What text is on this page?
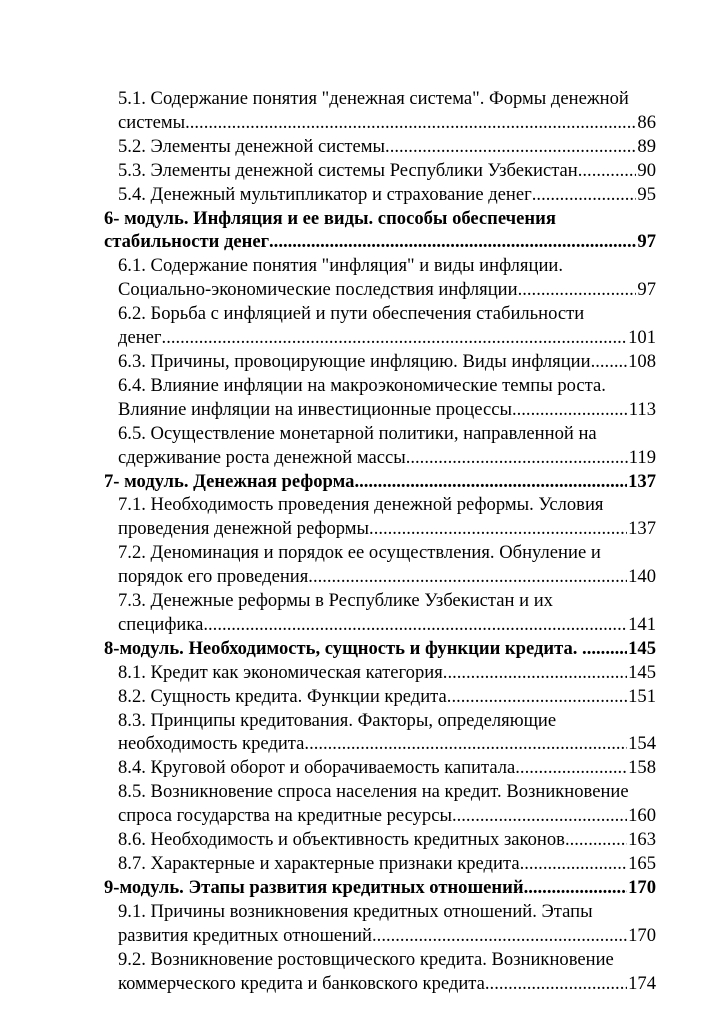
5.1. Содержание понятия "денежная система". Формы денежной
системы. .....	86
5.2. Элементы денежной системы. .....	89
5.3. Элементы денежной системы Республики Узбекистан. .....	90
5.4. Денежный мультипликатор и страхование денег .....	95
6- модуль. Инфляция и ее виды. способы обеспечения
стабильности денег .....	97
6.1. Содержание понятия "инфляция" и виды инфляции.
Социально-экономические последствия инфляции .....	97
6.2. Борьба с инфляцией и пути обеспечения стабильности
денег .....	101
6.3. Причины, провоцирующие инфляцию. Виды инфляции. ..... 108
6.4. Влияние инфляции на макроэкономические темпы роста.
Влияние инфляции на инвестиционные процессы. .....	113
6.5. Осуществление монетарной политики, направленной на
сдерживание роста денежной массы. .....	119
7- модуль. Денежная реформа .....	137
7.1. Необходимость проведения денежной реформы. Условия
проведения денежной реформы .....	137
7.2. Деноминация и порядок ее осуществления. Обнуление и
порядок его проведения. .....	140
7.3. Денежные реформы в Республике Узбекистан и их
специфика. .....	141
8-модуль. Необходимость, сущность и функции кредита. ... ..... 145
8.1. Кредит как экономическая категория. .....	145
8.2. Сущность кредита. Функции кредита .....	151
8.3. Принципы кредитования. Факторы, определяющие
необходимость кредита. .....	154
8.4. Круговой оборот и оборачиваемость капитала .....	158
8.5. Возникновение спроса населения на кредит. Возникновение
спроса государства на кредитные ресурсы. .....	160
8.6. Необходимость и объективность кредитных законов. .....	163
8.7. Характерные и характерные признаки кредита .....	165
9-модуль. Этапы развития кредитных отношений. .....	170
9.1. Причины возникновения кредитных отношений. Этапы
развития кредитных отношений. .....	170
9.2. Возникновение ростовщического кредита. Возникновение
коммерческого кредита и банковского кредита. .....	174
